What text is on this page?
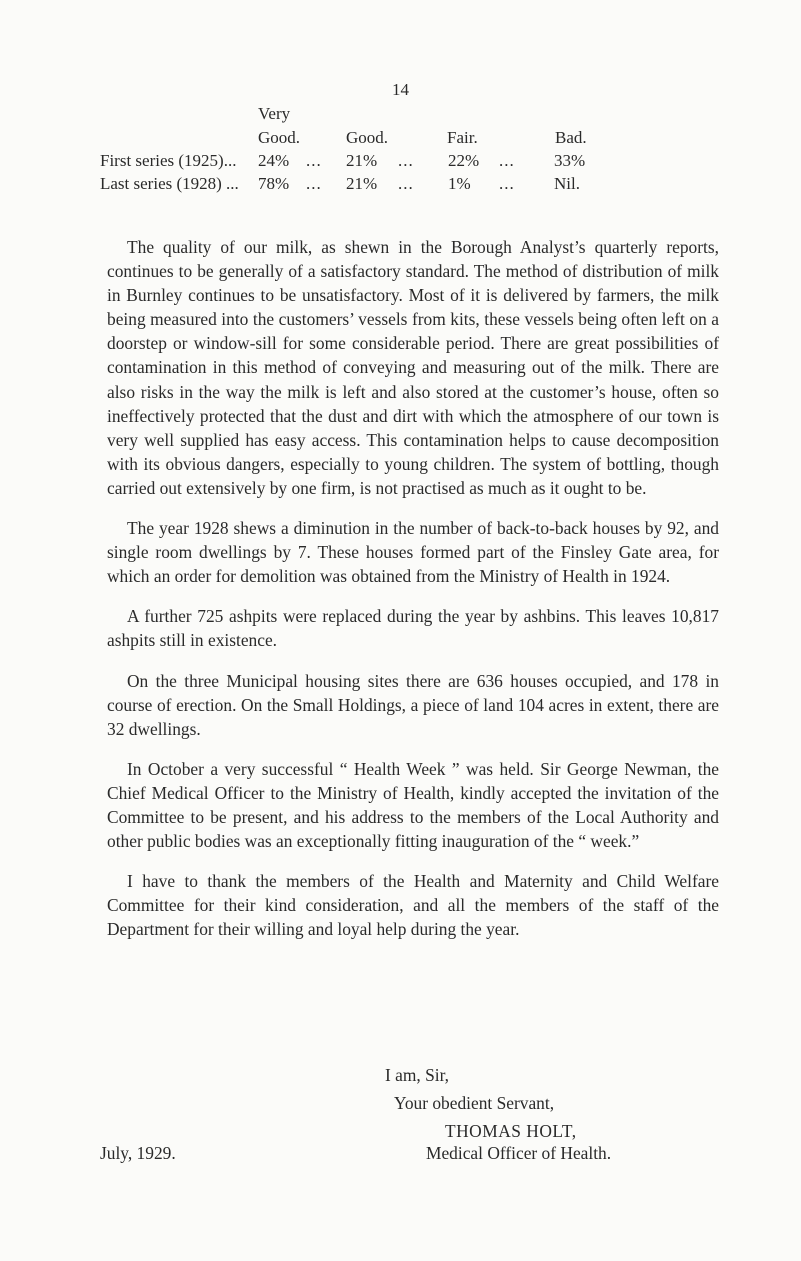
14
Very
Good.	Good.	Fair.	Bad.
First series (1925)... 24% ... 21% ... 22% ... 33%
Last series (1928) ... 78% ... 21% ... 1% ... Nil.

The quality of our milk, as shewn in the Borough Analyst’s quarterly reports, continues to be generally of a satisfactory standard. The method of distribution of milk in Burnley continues to be unsatisfactory. Most of it is delivered by farmers, the milk being measured into the customers’ vessels from kits, these vessels being often left on a doorstep or window-sill for some considerable period. There are great possibilities of contamination in this method of conveying and measuring out of the milk. There are also risks in the way the milk is left and also stored at the customer’s house, often so ineffectively protected that the dust and dirt with which the atmosphere of our town is very well supplied has easy access. This contamination helps to cause decomposition with its obvious dangers, especially to young children. The system of bottling, though carried out extensively by one firm, is not practised as much as it ought to be.

The year 1928 shews a diminution in the number of back-to-back houses by 92, and single room dwellings by 7. These houses formed part of the Finsley Gate area, for which an order for demolition was obtained from the Ministry of Health in 1924.

A further 725 ashpits were replaced during the year by ashbins. This leaves 10,817 ashpits still in existence.

On the three Municipal housing sites there are 636 houses occupied, and 178 in course of erection. On the Small Holdings, a piece of land 104 acres in extent, there are 32 dwellings.

In October a very successful “ Health Week ” was held. Sir George Newman, the Chief Medical Officer to the Ministry of Health, kindly accepted the invitation of the Committee to be present, and his address to the members of the Local Authority and other public bodies was an exceptionally fitting inauguration of the “ week.”

I have to thank the members of the Health and Maternity and Child Welfare Committee for their kind consideration, and all the members of the staff of the Department for their willing and loyal help during the year.

I am, Sir,
Your obedient Servant,
THOMAS HOLT,
July, 1929.	Medical Officer of Health.
